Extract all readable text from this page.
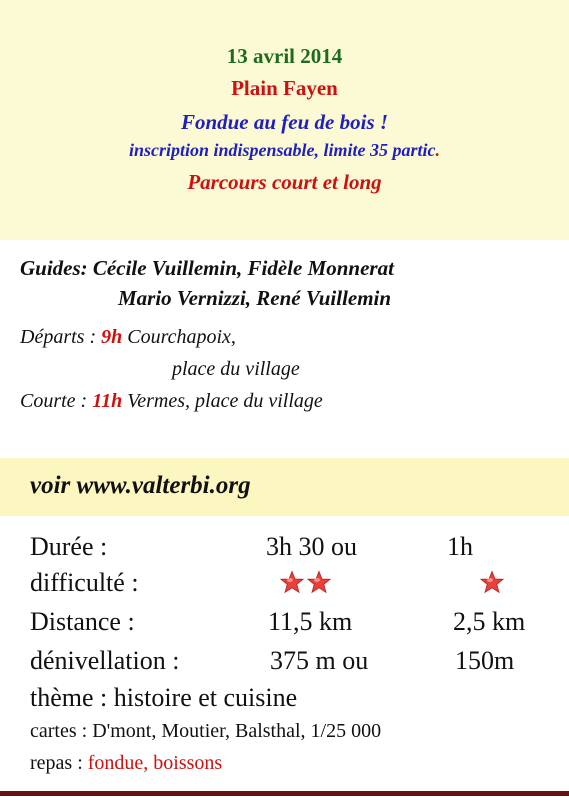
13 avril 2014
Plain Fayen
Fondue au feu de bois !
inscription indispensable, limite 35 partic.
Parcours court et long
Guides: Cécile Vuillemin, Fidèle Monnerat
Mario Vernizzi, René Vuillemin
Départs : 9h Courchapoix,
place du village
Courte : 11h Vermes, place du village
voir www.valterbi.org
Durée :	3h 30 ou	1h
difficulté :
Distance :	11,5 km	2,5 km
dénivellation :	375 m ou	150m
thème : histoire et cuisine
cartes : D'mont, Moutier, Balsthal, 1/25 000
repas : fondue, boissons
